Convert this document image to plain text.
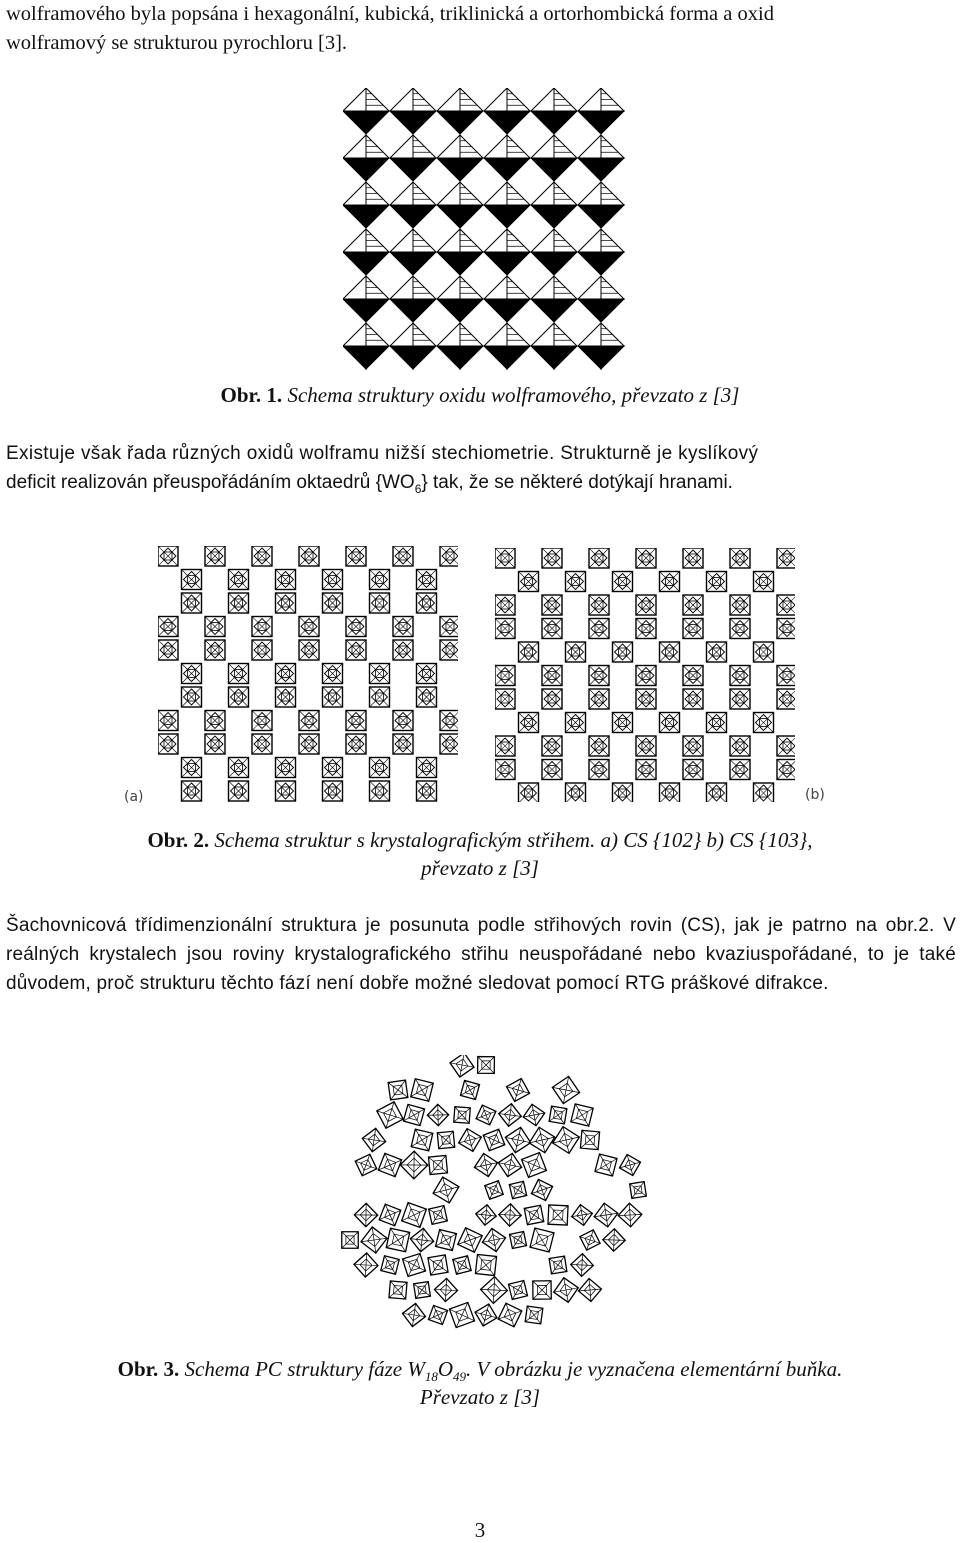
wolframového byla popsána i hexagonální, kubická, triklinická a ortorhombická forma a oxid

wolframový se strukturou pyrochloru [3].

Obr. 1. Schema struktury oxidu wolframového, převzato z [3]

Existuje však řada různých oxidů wolframu nižší stechiometrie. Strukturně je kyslíkový

deficit realizován přeuspořádáním oktaedrů $\{WO_6\}$ tak, že se některé dotýkají hranami.

(a)	(b)
Obr. 2. Schema struktur s krystalografickým střihem. a) CS {102} b) CS {103},
převzato z [3]

Šachovnicová třídimenzionální struktura je posunuta podle střihových rovin (CS), jak je patrno na obr.2. V reálných krystalech jsou roviny krystalografického střihu neuspořádané nebo kvaziuspořádané, to je také důvodem, proč strukturu těchto fází není dobře možné sledovat pomocí RTG práškové difrakce.

Obr. 3. Schema PC struktury fáze $W_{18}O_{49}$. V obrázku je vyznačena elementární buňka.
Převzato z [3]
3
